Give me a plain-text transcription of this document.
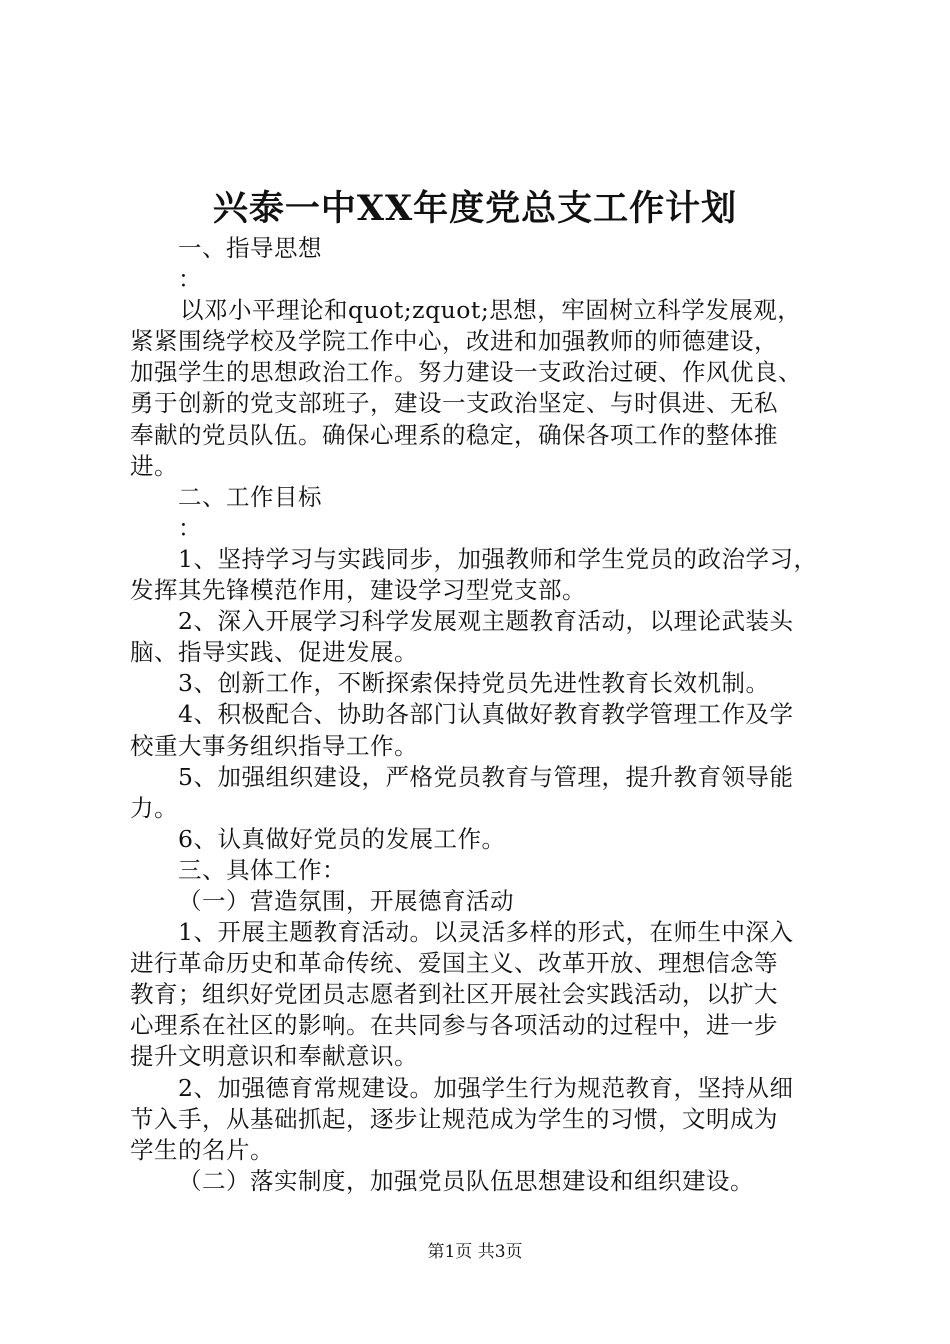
兴泰一中XX年度党总支工作计划
一、指导思想
：
以邓小平理论和quot;zquot;思想，牢固树立科学发展观，
紧紧围绕学校及学院工作中心，改进和加强教师的师德建设，
加强学生的思想政治工作。努力建设一支政治过硬、作风优良、
勇于创新的党支部班子，建设一支政治坚定、与时俱进、无私
奉献的党员队伍。确保心理系的稳定，确保各项工作的整体推
进。
二、工作目标
：
1、坚持学习与实践同步，加强教师和学生党员的政治学习，
发挥其先锋模范作用，建设学习型党支部。
2、深入开展学习科学发展观主题教育活动，以理论武装头
脑、指导实践、促进发展。
3、创新工作，不断探索保持党员先进性教育长效机制。
4、积极配合、协助各部门认真做好教育教学管理工作及学
校重大事务组织指导工作。
5、加强组织建设，严格党员教育与管理，提升教育领导能
力。
6、认真做好党员的发展工作。
三、具体工作：
（一）营造氛围，开展德育活动
1、开展主题教育活动。以灵活多样的形式，在师生中深入
进行革命历史和革命传统、爱国主义、改革开放、理想信念等
教育；组织好党团员志愿者到社区开展社会实践活动，以扩大
心理系在社区的影响。在共同参与各项活动的过程中，进一步
提升文明意识和奉献意识。
2、加强德育常规建设。加强学生行为规范教育，坚持从细
节入手，从基础抓起，逐步让规范成为学生的习惯，文明成为
学生的名片。
（二）落实制度，加强党员队伍思想建设和组织建设。
第1页 共3页
